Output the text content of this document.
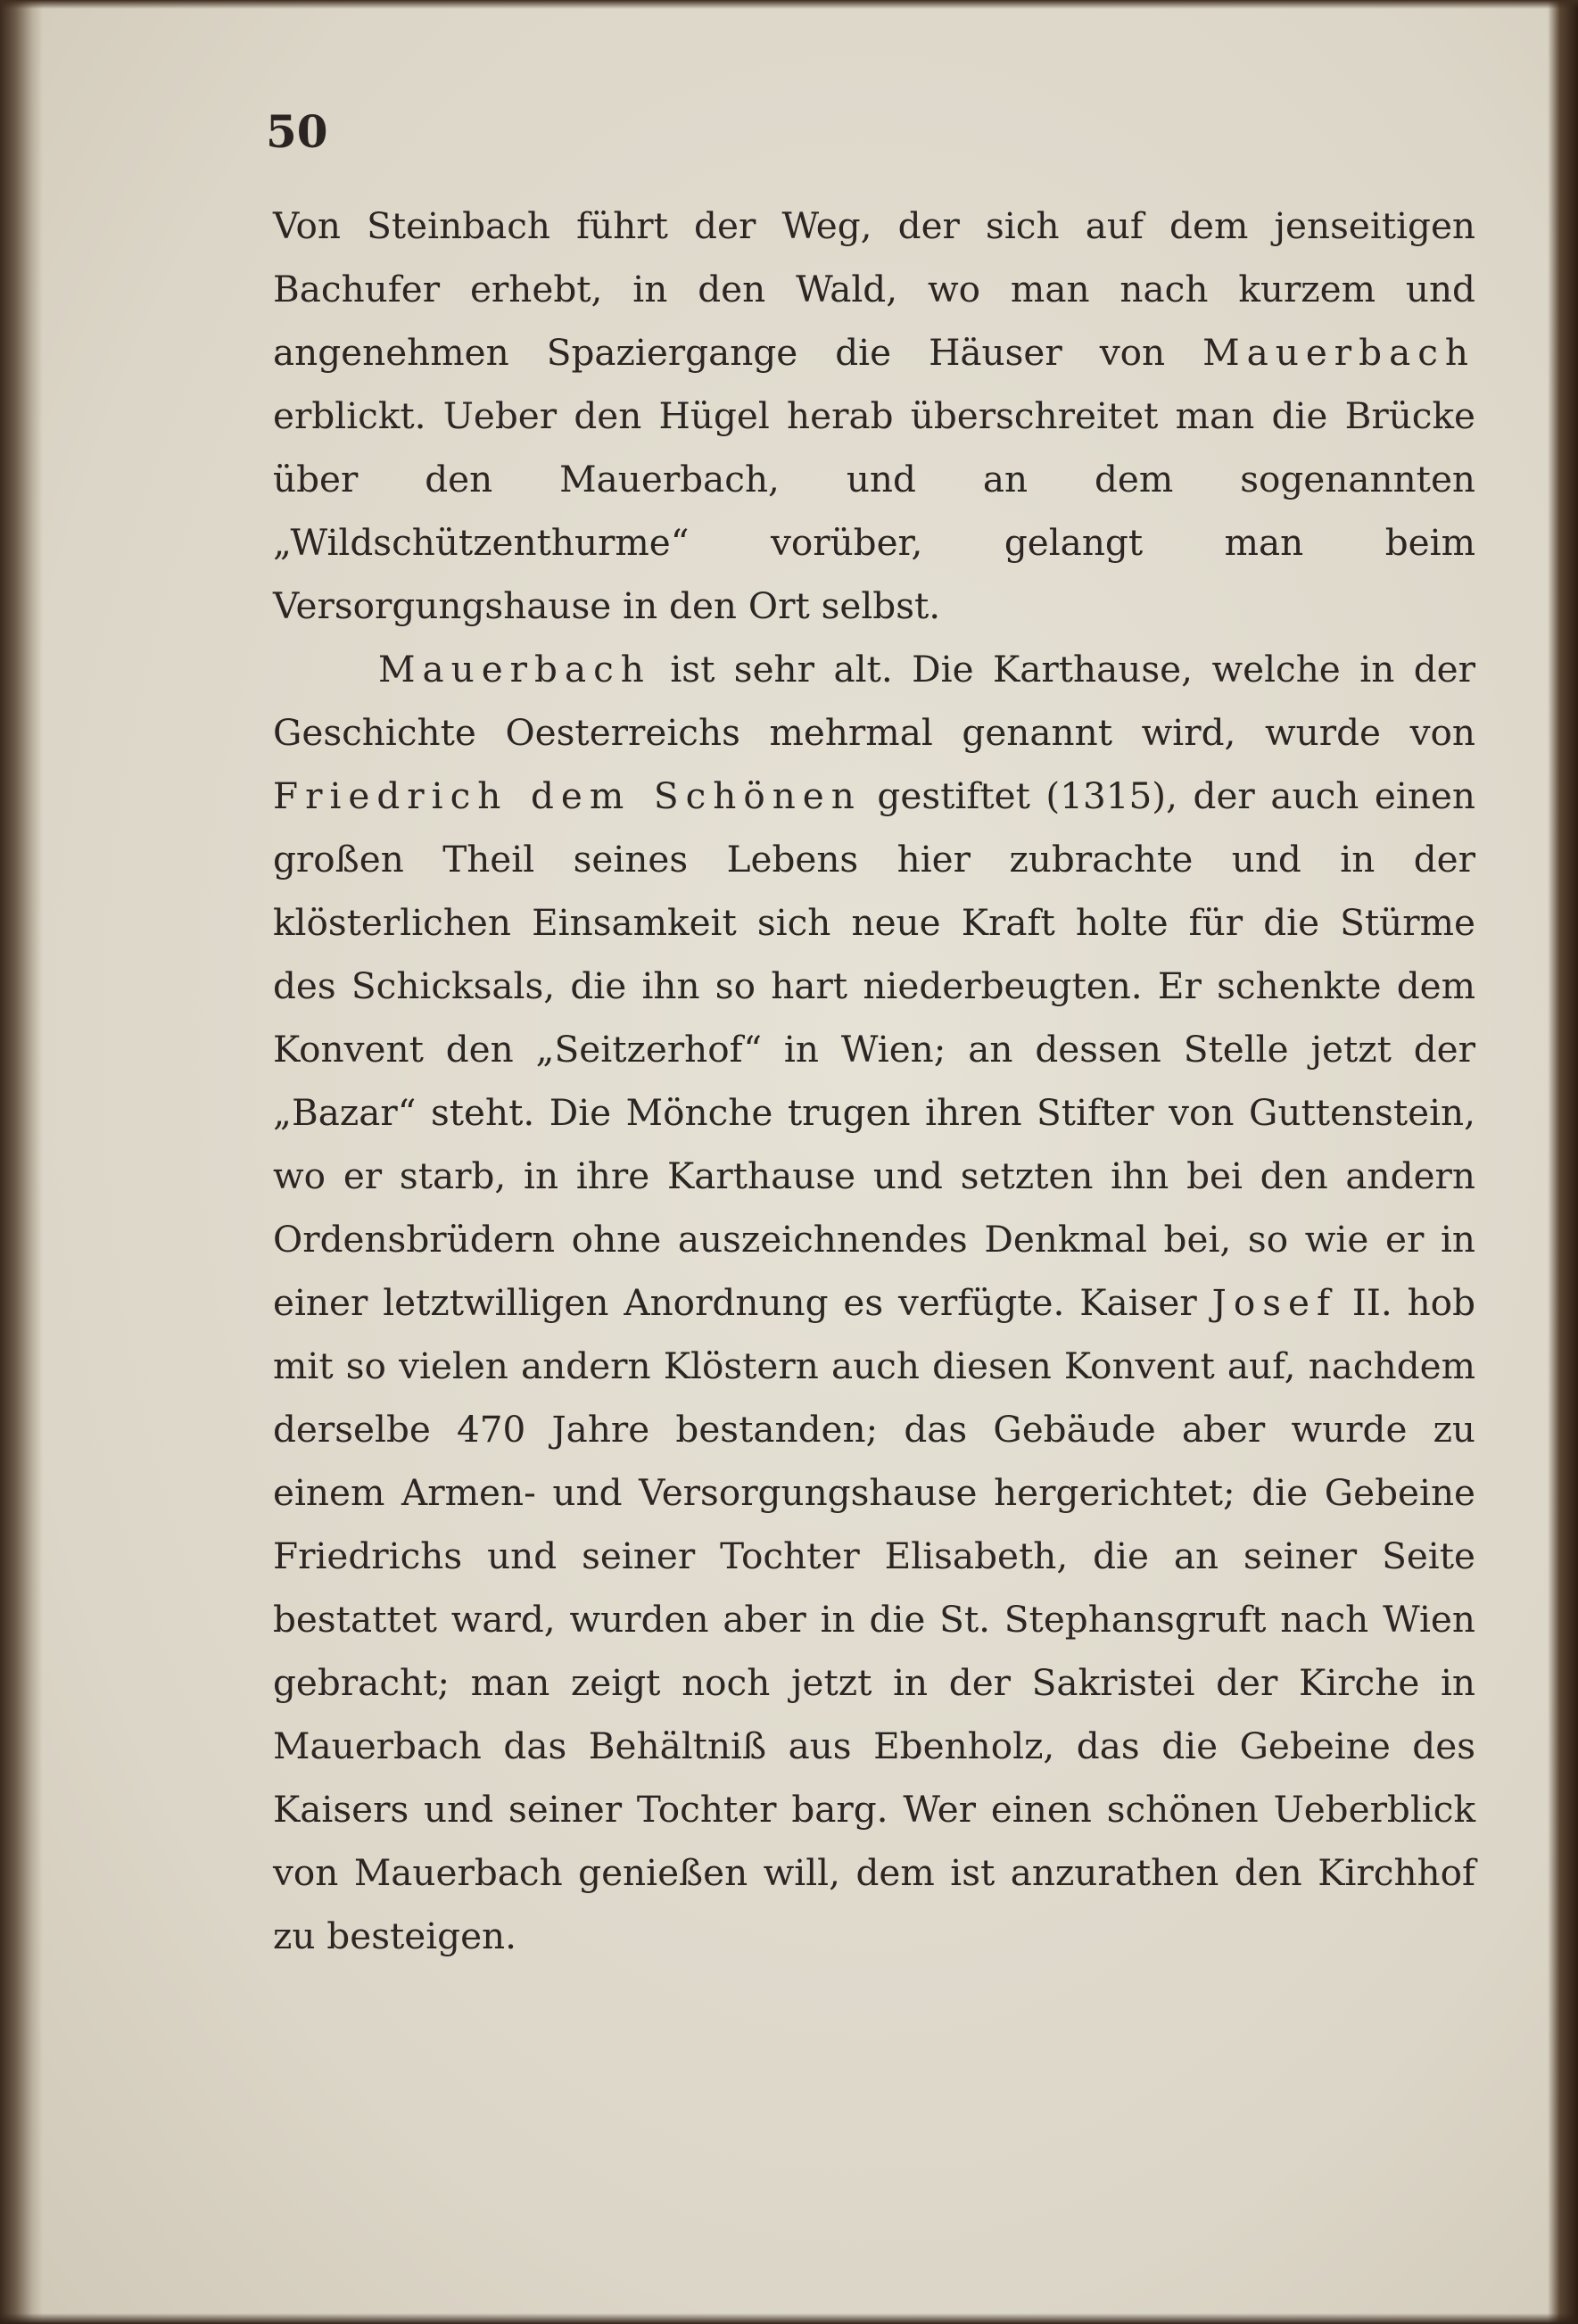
50

Von Steinbach führt der Weg, der sich auf dem jenseitigen Bachufer erhebt, in den Wald, wo man nach kurzem und angenehmen Spaziergange die Häuser von Mauerbach erblickt. Ueber den Hügel herab überschreitet man die Brücke über den Mauerbach, und an dem sogenannten „Wildschützenthurme“ vorüber, gelangt man beim Versorgungshause in den Ort selbst.

Mauerbach ist sehr alt. Die Karthause, welche in der Geschichte Oesterreichs mehrmal genannt wird, wurde von Friedrich dem Schönen gestiftet (1315), der auch einen großen Theil seines Lebens hier zubrachte und in der klösterlichen Einsamkeit sich neue Kraft holte für die Stürme des Schicksals, die ihn so hart niederbeugten. Er schenkte dem Konvent den „Seitzerhof“ in Wien; an dessen Stelle jetzt der „Bazar“ steht. Die Mönche trugen ihren Stifter von Guttenstein, wo er starb, in ihre Karthause und setzten ihn bei den andern Ordensbrüdern ohne auszeichnendes Denkmal bei, so wie er in einer letztwilligen Anordnung es verfügte. Kaiser Josef II. hob mit so vielen andern Klöstern auch diesen Konvent auf, nachdem derselbe 470 Jahre bestanden; das Gebäude aber wurde zu einem Armen- und Versorgungshause hergerichtet; die Gebeine Friedrichs und seiner Tochter Elisabeth, die an seiner Seite bestattet ward, wurden aber in die St. Stephansgruft nach Wien gebracht; man zeigt noch jetzt in der Sakristei der Kirche in Mauerbach das Behältniß aus Ebenholz, das die Gebeine des Kaisers und seiner Tochter barg. Wer einen schönen Ueberblick von Mauerbach genießen will, dem ist anzurathen den Kirchhof zu besteigen.
